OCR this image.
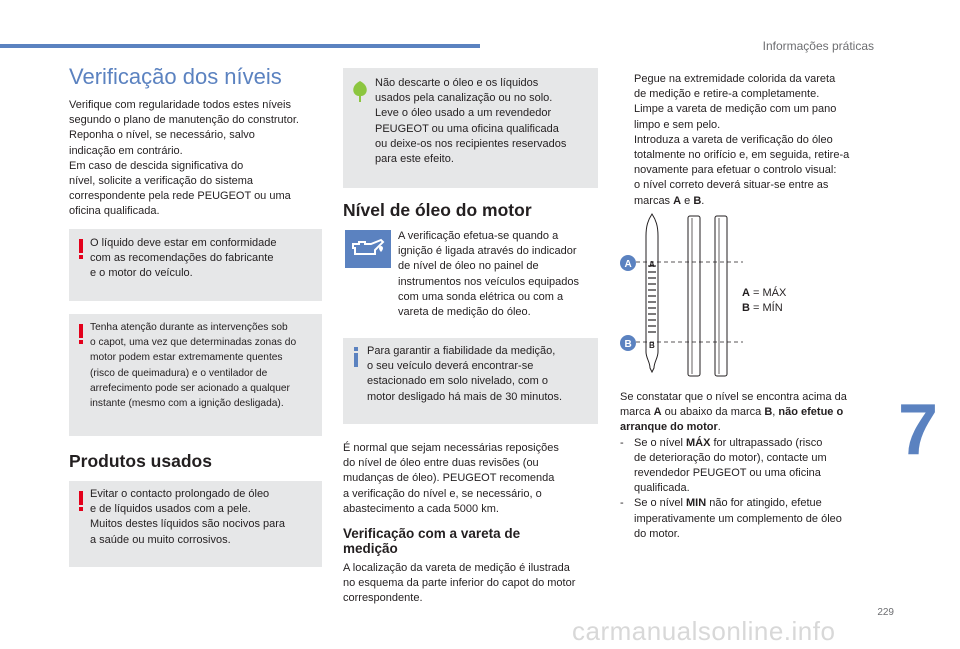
Informações práticas
7
229
carmanualsonline.info
Verificação dos níveis
Verifique com regularidade todos estes níveis
segundo o plano de manutenção do construtor.
Reponha o nível, se necessário, salvo
indicação em contrário.
Em caso de descida significativa do
nível, solicite a verificação do sistema
correspondente pela rede PEUGEOT ou uma
oficina qualificada.
O líquido deve estar em conformidade
com as recomendações do fabricante
e o motor do veículo.
Tenha atenção durante as intervenções sob
o capot, uma vez que determinadas zonas do
motor podem estar extremamente quentes
(risco de queimadura) e o ventilador de
arrefecimento pode ser acionado a qualquer
instante (mesmo com a ignição desligada).
Produtos usados
Evitar o contacto prolongado de óleo
e de líquidos usados com a pele.
Muitos destes líquidos são nocivos para
a saúde ou muito corrosivos.
Não descarte o óleo e os líquidos
usados pela canalização ou no solo.
Leve o óleo usado a um revendedor
PEUGEOT ou uma oficina qualificada
ou deixe-os nos recipientes reservados
para este efeito.
Nível de óleo do motor
A verificação efetua-se quando a
ignição é ligada através do indicador
de nível de óleo no painel de
instrumentos nos veículos equipados
com uma sonda elétrica ou com a
vareta de medição do óleo.
Para garantir a fiabilidade da medição,
o seu veículo deverá encontrar-se
estacionado em solo nivelado, com o
motor desligado há mais de 30 minutos.
É normal que sejam necessárias reposições
do nível de óleo entre duas revisões (ou
mudanças de óleo). PEUGEOT recomenda
a verificação do nível e, se necessário, o
abastecimento a cada 5000 km.
Verificação com a vareta de
medição
A localização da vareta de medição é ilustrada
no esquema da parte inferior do capot do motor
correspondente.
Pegue na extremidade colorida da vareta
de medição e retire-a completamente.
Limpe a vareta de medição com um pano
limpo e sem pelo.
Introduza a vareta de verificação do óleo
totalmente no orifício e, em seguida, retire-a
novamente para efetuar o controlo visual:
o nível correto deverá situar-se entre as
marcas A e B.
A
B
A
B
A = MÁX
B = MÍN
Se constatar que o nível se encontra acima da
marca A ou abaixo da marca B, não efetue o
arranque do motor.
- Se o nível MÁX for ultrapassado (risco
de deterioração do motor), contacte um
revendedor PEUGEOT ou uma oficina
qualificada.
- Se o nível MIN não for atingido, efetue
imperativamente um complemento de óleo
do motor.
